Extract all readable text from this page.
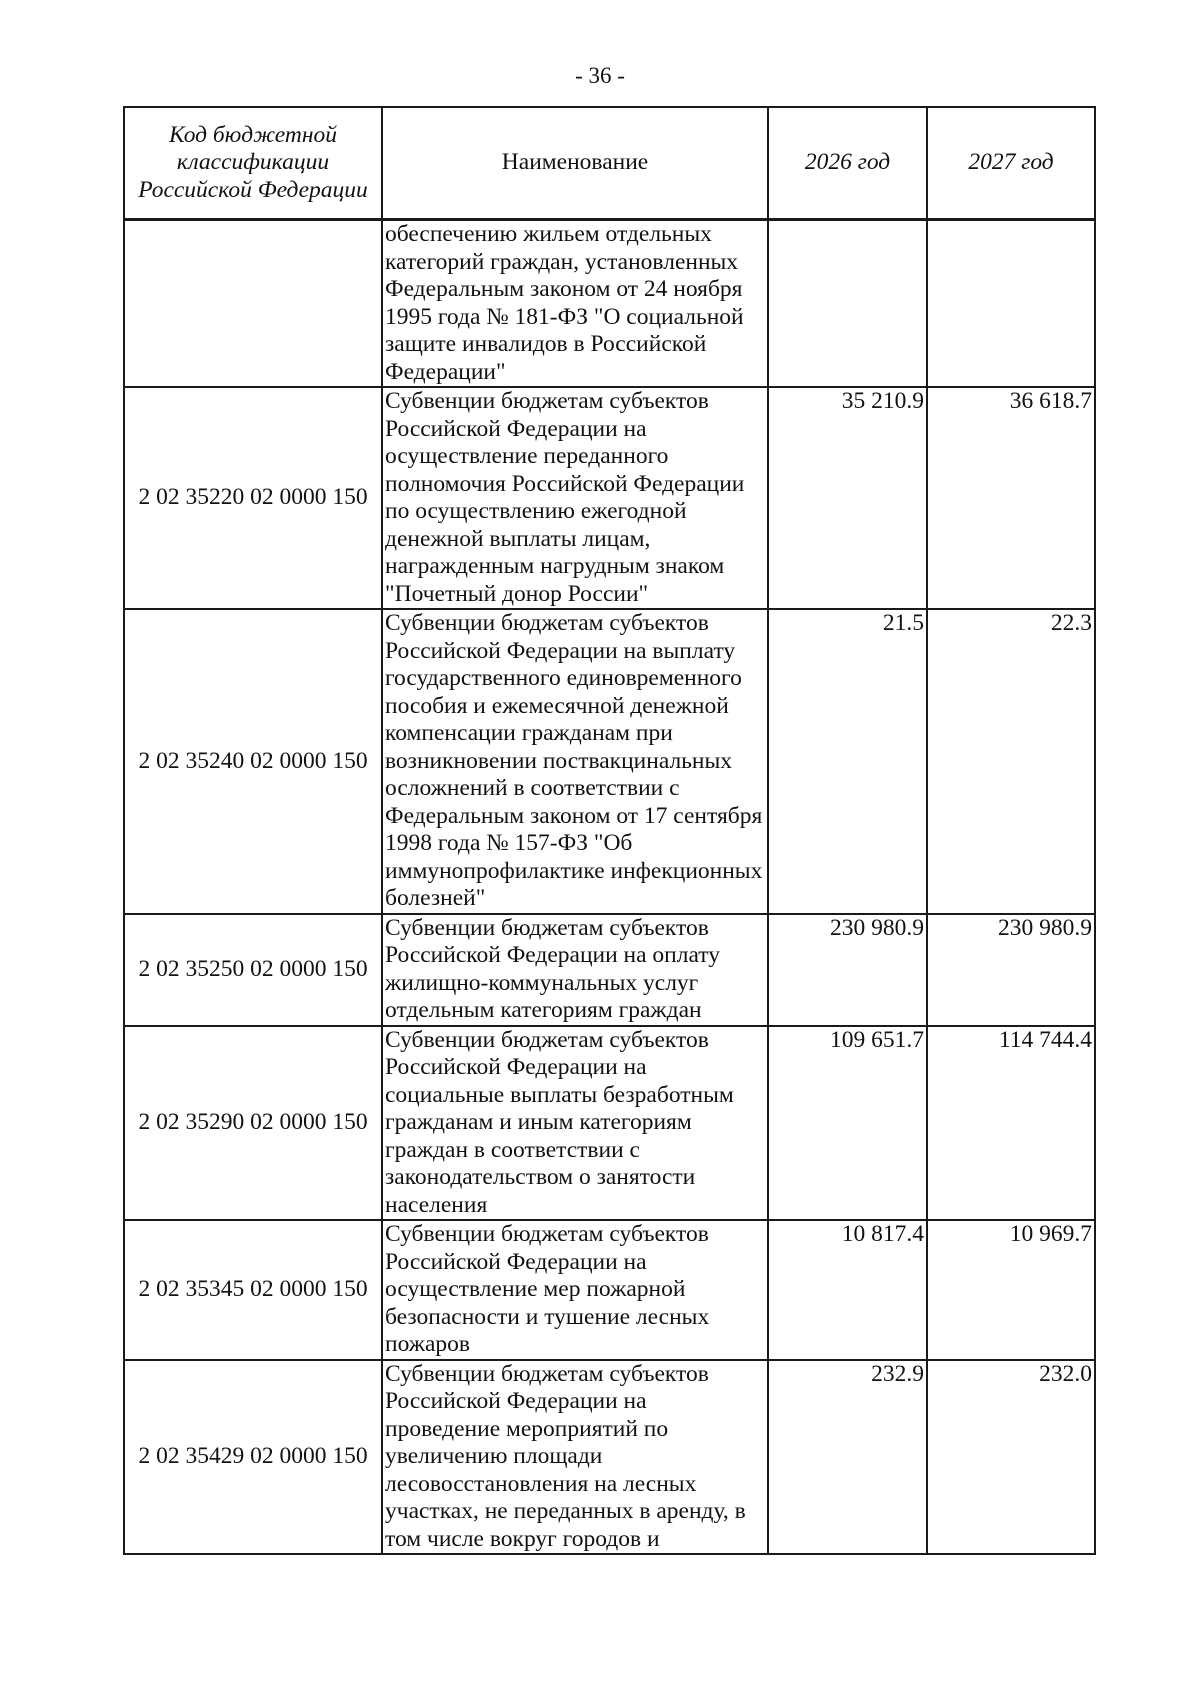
- 36 -
Код бюджетной классификации Российской Федерации	Наименование	2026 год	2027 год
	обеспечению жильем отдельных категорий граждан, установленных Федеральным законом от 24 ноября 1995 года № 181-ФЗ "О социальной защите инвалидов в Российской Федерации"		
2 02 35220 02 0000 150	Субвенции бюджетам субъектов Российской Федерации на осуществление переданного полномочия Российской Федерации по осуществлению ежегодной денежной выплаты лицам, награжденным нагрудным знаком "Почетный донор России"	35 210.9	36 618.7
2 02 35240 02 0000 150	Субвенции бюджетам субъектов Российской Федерации на выплату государственного единовременного пособия и ежемесячной денежной компенсации гражданам при возникновении поствакцинальных осложнений в соответствии с Федеральным законом от 17 сентября 1998 года № 157-ФЗ "Об иммунопрофилактике инфекционных болезней"	21.5	22.3
2 02 35250 02 0000 150	Субвенции бюджетам субъектов Российской Федерации на оплату жилищно-коммунальных услуг отдельным категориям граждан	230 980.9	230 980.9
2 02 35290 02 0000 150	Субвенции бюджетам субъектов Российской Федерации на социальные выплаты безработным гражданам и иным категориям граждан в соответствии с законодательством о занятости населения	109 651.7	114 744.4
2 02 35345 02 0000 150	Субвенции бюджетам субъектов Российской Федерации на осуществление мер пожарной безопасности и тушение лесных пожаров	10 817.4	10 969.7
2 02 35429 02 0000 150	Субвенции бюджетам субъектов Российской Федерации на проведение мероприятий по увеличению площади лесовосстановления на лесных участках, не переданных в аренду, в том числе вокруг городов и	232.9	232.0
